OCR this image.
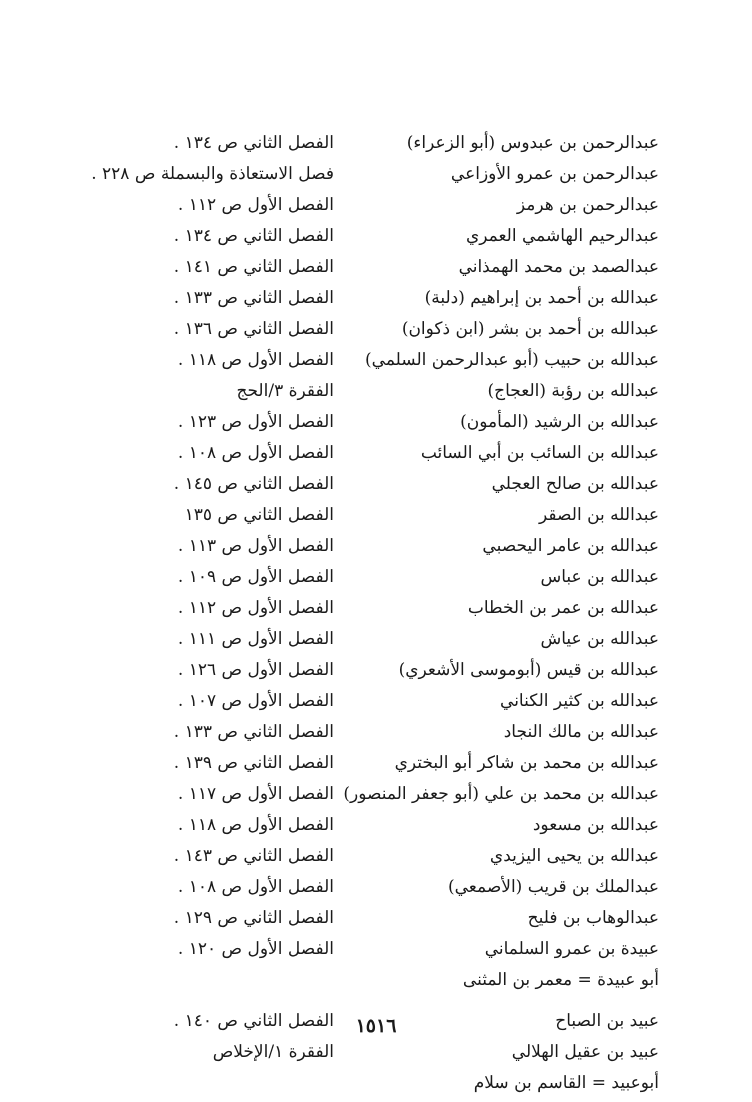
عبدالرحمن بن عبدوس (أبو الزعراء)
الفصل الثاني ص ١٣٤ .
عبدالرحمن بن عمرو الأوزاعي
فصل الاستعاذة والبسملة ص ٢٢٨ .
عبدالرحمن بن هرمز
الفصل الأول ص ١١٢ .
عبدالرحيم الهاشمي العمري
الفصل الثاني ص ١٣٤ .
عبدالصمد بن محمد الهمذاني
الفصل الثاني ص ١٤١ .
عبدالله بن أحمد بن إبراهيم (دلبة)
الفصل الثاني ص ١٣٣ .
عبدالله بن أحمد بن بشر (ابن ذكوان)
الفصل الثاني ص ١٣٦ .
عبدالله بن حبيب (أبو عبدالرحمن السلمي)
الفصل الأول ص ١١٨ .
عبدالله بن رؤبة (العجاج)
الفقرة ٣/الحج
عبدالله بن الرشيد (المأمون)
الفصل الأول ص ١٢٣ .
عبدالله بن السائب بن أبي السائب
الفصل الأول ص ١٠٨ .
عبدالله بن صالح العجلي
الفصل الثاني ص ١٤٥ .
عبدالله بن الصقر
الفصل الثاني ص ١٣٥
عبدالله بن عامر اليحصبي
الفصل الأول ص ١١٣ .
عبدالله بن عباس
الفصل الأول ص ١٠٩ .
عبدالله بن عمر بن الخطاب
الفصل الأول ص ١١٢ .
عبدالله بن عياش
الفصل الأول ص ١١١ .
عبدالله بن قيس (أبوموسى الأشعري)
الفصل الأول ص ١٢٦ .
عبدالله بن كثير الكناني
الفصل الأول ص ١٠٧ .
عبدالله بن مالك النجاد
الفصل الثاني ص ١٣٣ .
عبدالله بن محمد بن شاكر أبو البختري
الفصل الثاني ص ١٣٩ .
عبدالله بن محمد بن علي (أبو جعفر المنصور)
الفصل الأول ص ١١٧ .
عبدالله بن مسعود
الفصل الأول ص ١١٨ .
عبدالله بن يحيى اليزيدي
الفصل الثاني ص ١٤٣ .
عبدالملك بن قريب (الأصمعي)
الفصل الأول ص ١٠٨ .
عبدالوهاب بن فليح
الفصل الثاني ص ١٢٩ .
عبيدة بن عمرو السلماني
الفصل الأول ص ١٢٠ .
أبو عبيدة = معمر بن المثنى
عبيد بن الصباح
الفصل الثاني ص ١٤٠ .
عبيد بن عقيل الهلالي
الفقرة ١/الإخلاص
أبوعبيد = القاسم بن سلام
١٥١٦
